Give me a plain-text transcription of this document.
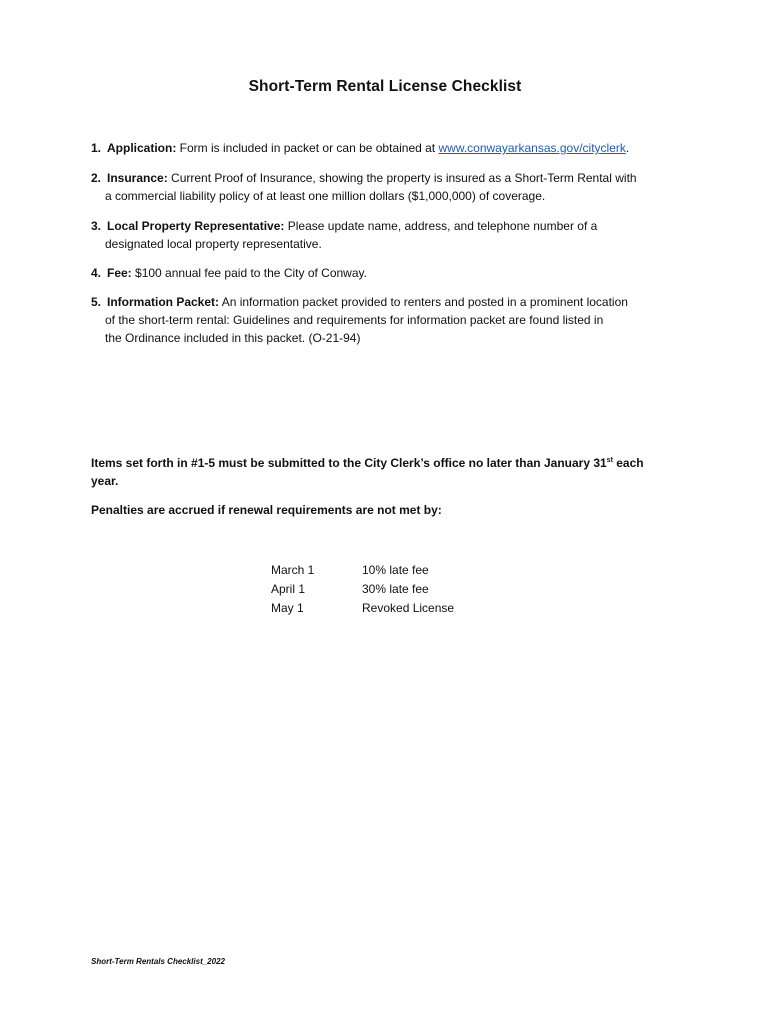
Short-Term Rental License Checklist
1. Application: Form is included in packet or can be obtained at www.conwayarkansas.gov/cityclerk.
2. Insurance: Current Proof of Insurance, showing the property is insured as a Short-Term Rental with
a commercial liability policy of at least one million dollars ($1,000,000) of coverage.
3. Local Property Representative: Please update name, address, and telephone number of a
designated local property representative.
4. Fee: $100 annual fee paid to the City of Conway.
5. Information Packet: An information packet provided to renters and posted in a prominent location
of the short-term rental: Guidelines and requirements for information packet are found listed in
the Ordinance included in this packet. (O-21-94)
Items set forth in #1-5 must be submitted to the City Clerk’s office no later than January 31st each year.
Penalties are accrued if renewal requirements are not met by:
March 1	10% late fee
April 1	30% late fee
May 1	Revoked License
Short-Term Rentals Checklist_2022
